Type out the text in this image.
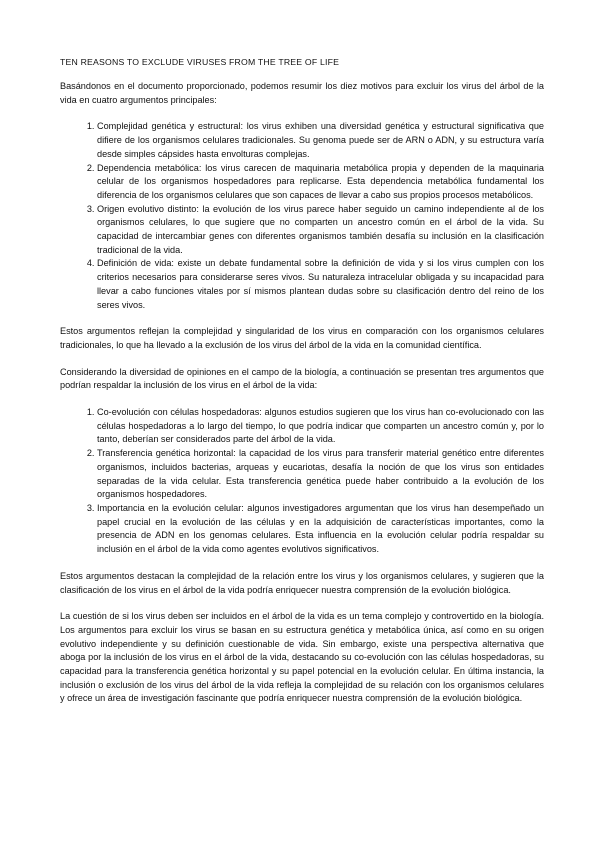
TEN REASONS TO EXCLUDE VIRUSES FROM THE TREE OF LIFE

Basándonos en el documento proporcionado, podemos resumir los diez motivos para excluir los virus del árbol de la vida en cuatro argumentos principales:

1. Complejidad genética y estructural: los virus exhiben una diversidad genética y estructural significativa que difiere de los organismos celulares tradicionales. Su genoma puede ser de ARN o ADN, y su estructura varía desde simples cápsides hasta envolturas complejas.
2. Dependencia metabólica: los virus carecen de maquinaria metabólica propia y dependen de la maquinaria celular de los organismos hospedadores para replicarse. Esta dependencia metabólica fundamental los diferencia de los organismos celulares que son capaces de llevar a cabo sus propios procesos metabólicos.
3. Origen evolutivo distinto: la evolución de los virus parece haber seguido un camino independiente al de los organismos celulares, lo que sugiere que no comparten un ancestro común en el árbol de la vida. Su capacidad de intercambiar genes con diferentes organismos también desafía su inclusión en la clasificación tradicional de la vida.
4. Definición de vida: existe un debate fundamental sobre la definición de vida y si los virus cumplen con los criterios necesarios para considerarse seres vivos. Su naturaleza intracelular obligada y su incapacidad para llevar a cabo funciones vitales por sí mismos plantean dudas sobre su clasificación dentro del reino de los seres vivos.

Estos argumentos reflejan la complejidad y singularidad de los virus en comparación con los organismos celulares tradicionales, lo que ha llevado a la exclusión de los virus del árbol de la vida en la comunidad científica.

Considerando la diversidad de opiniones en el campo de la biología, a continuación se presentan tres argumentos que podrían respaldar la inclusión de los virus en el árbol de la vida:

1. Co-evolución con células hospedadoras: algunos estudios sugieren que los virus han co-evolucionado con las células hospedadoras a lo largo del tiempo, lo que podría indicar que comparten un ancestro común y, por lo tanto, deberían ser considerados parte del árbol de la vida.
2. Transferencia genética horizontal: la capacidad de los virus para transferir material genético entre diferentes organismos, incluidos bacterias, arqueas y eucariotas, desafía la noción de que los virus son entidades separadas de la vida celular. Esta transferencia genética puede haber contribuido a la evolución de los organismos hospedadores.
3. Importancia en la evolución celular: algunos investigadores argumentan que los virus han desempeñado un papel crucial en la evolución de las células y en la adquisición de características importantes, como la presencia de ADN en los genomas celulares. Esta influencia en la evolución celular podría respaldar su inclusión en el árbol de la vida como agentes evolutivos significativos.

Estos argumentos destacan la complejidad de la relación entre los virus y los organismos celulares, y sugieren que la clasificación de los virus en el árbol de la vida podría enriquecer nuestra comprensión de la evolución biológica.

La cuestión de si los virus deben ser incluidos en el árbol de la vida es un tema complejo y controvertido en la biología. Los argumentos para excluir los virus se basan en su estructura genética y metabólica única, así como en su origen evolutivo independiente y su definición cuestionable de vida. Sin embargo, existe una perspectiva alternativa que aboga por la inclusión de los virus en el árbol de la vida, destacando su co-evolución con las células hospedadoras, su capacidad para la transferencia genética horizontal y su papel potencial en la evolución celular. En última instancia, la inclusión o exclusión de los virus del árbol de la vida refleja la complejidad de su relación con los organismos celulares y ofrece un área de investigación fascinante que podría enriquecer nuestra comprensión de la evolución biológica.
